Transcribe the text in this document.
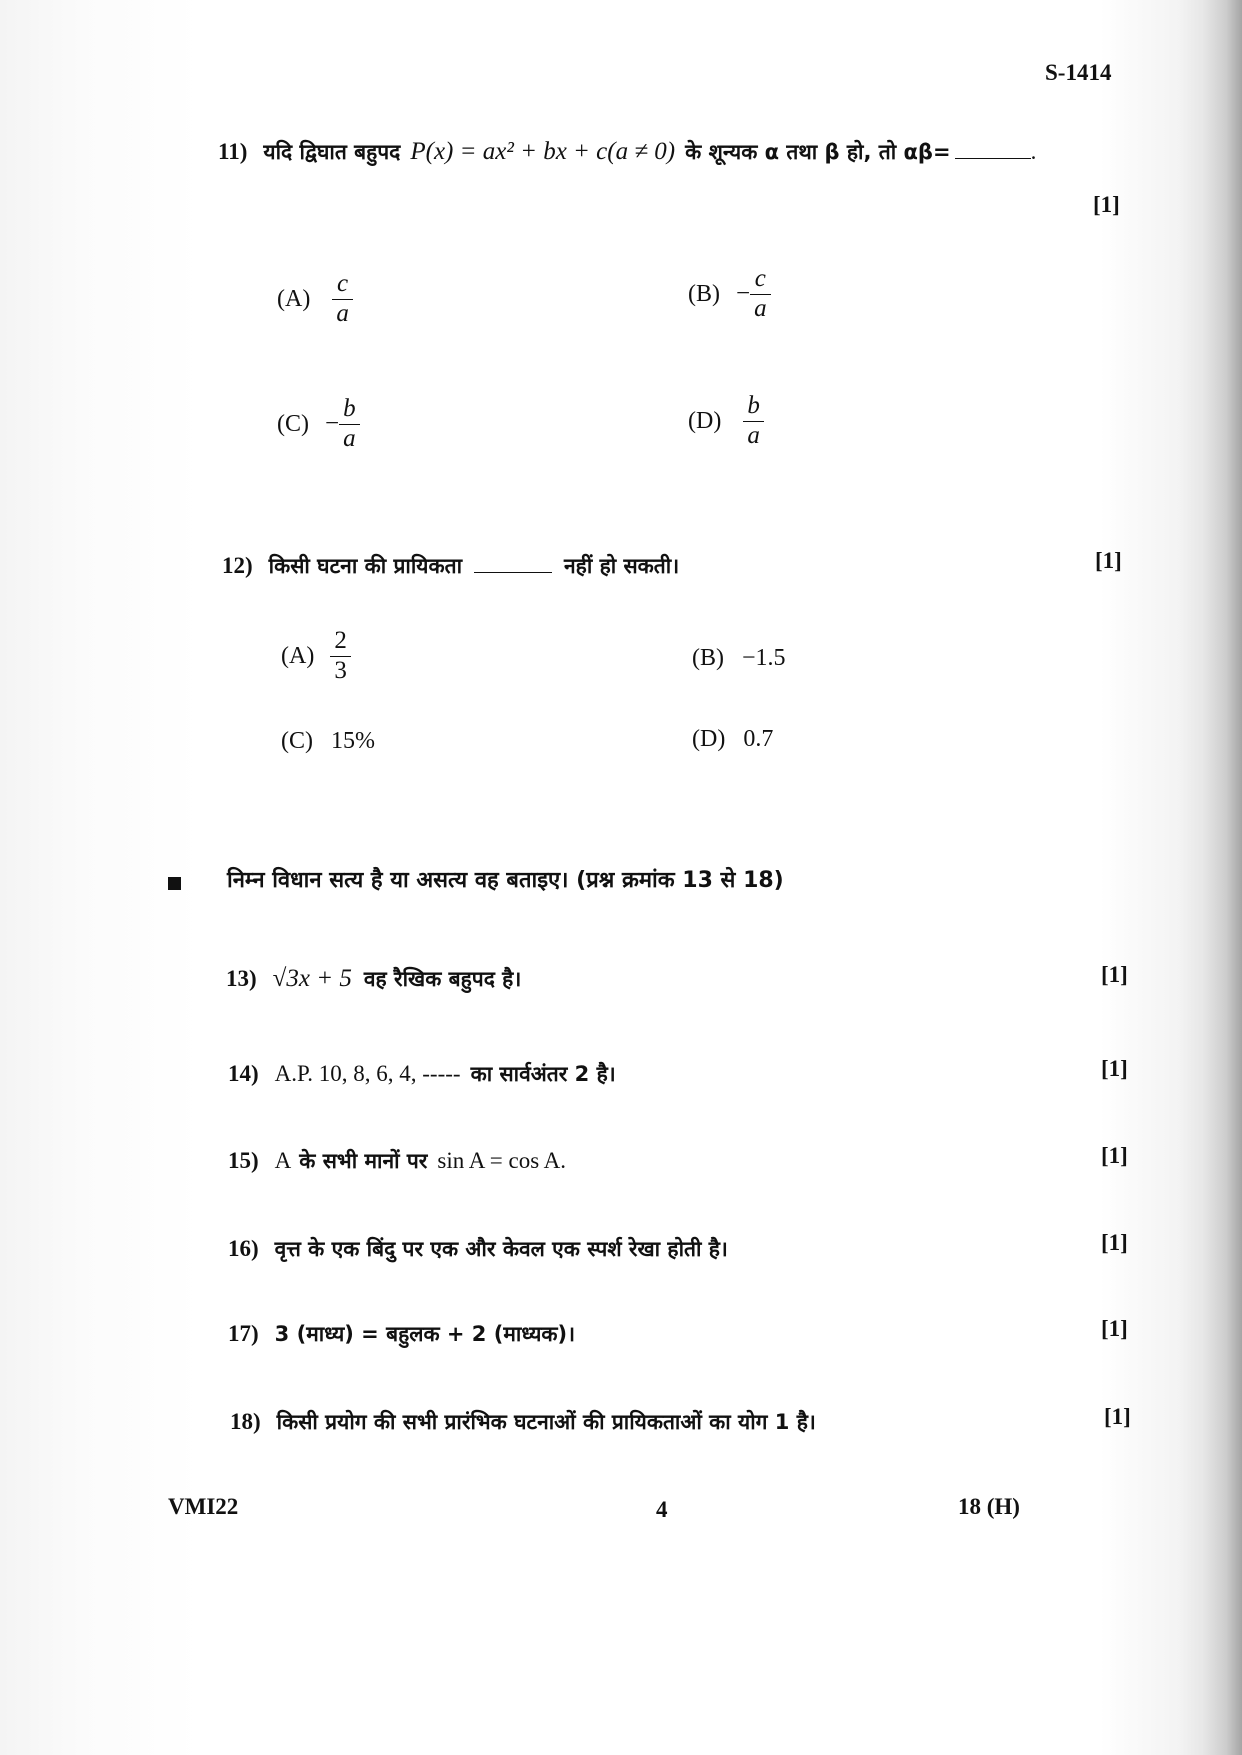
S-1414
11) यदि द्विघात बहुपद P(x) = ax² + bx + c(a ≠ 0) के शून्यक α तथा β हो, तो αβ=	.
[1]
$(A) \frac{c}{a}$	$(B) - \frac{c}{a}$
$(C) - \frac{b}{a}$	$(D) \frac{b}{a}$
12) किसी घटना की प्रायिकता	नहीं हो सकती।	[1]
$(A) \frac{2}{3}$	(B) −1.5
(C) 15%	(D) 0.7
निम्न विधान सत्य है या असत्य वह बताइए। (प्रश्न क्रमांक 13 से 18)
13) √3x + 5 वह रैखिक बहुपद है।	[1]
14) A.P. 10, 8, 6, 4, ----- का सार्वअंतर 2 है।	[1]
15) A के सभी मानों पर sin A = cos A.	[1]
16) वृत्त के एक बिंदु पर एक और केवल एक स्पर्श रेखा होती है।	[1]
17) 3 (माध्य) = बहुलक + 2 (माध्यक)।	[1]
18) किसी प्रयोग की सभी प्रारंभिक घटनाओं की प्रायिकताओं का योग 1 है।	[1]
VMI22	4	18 (H)
